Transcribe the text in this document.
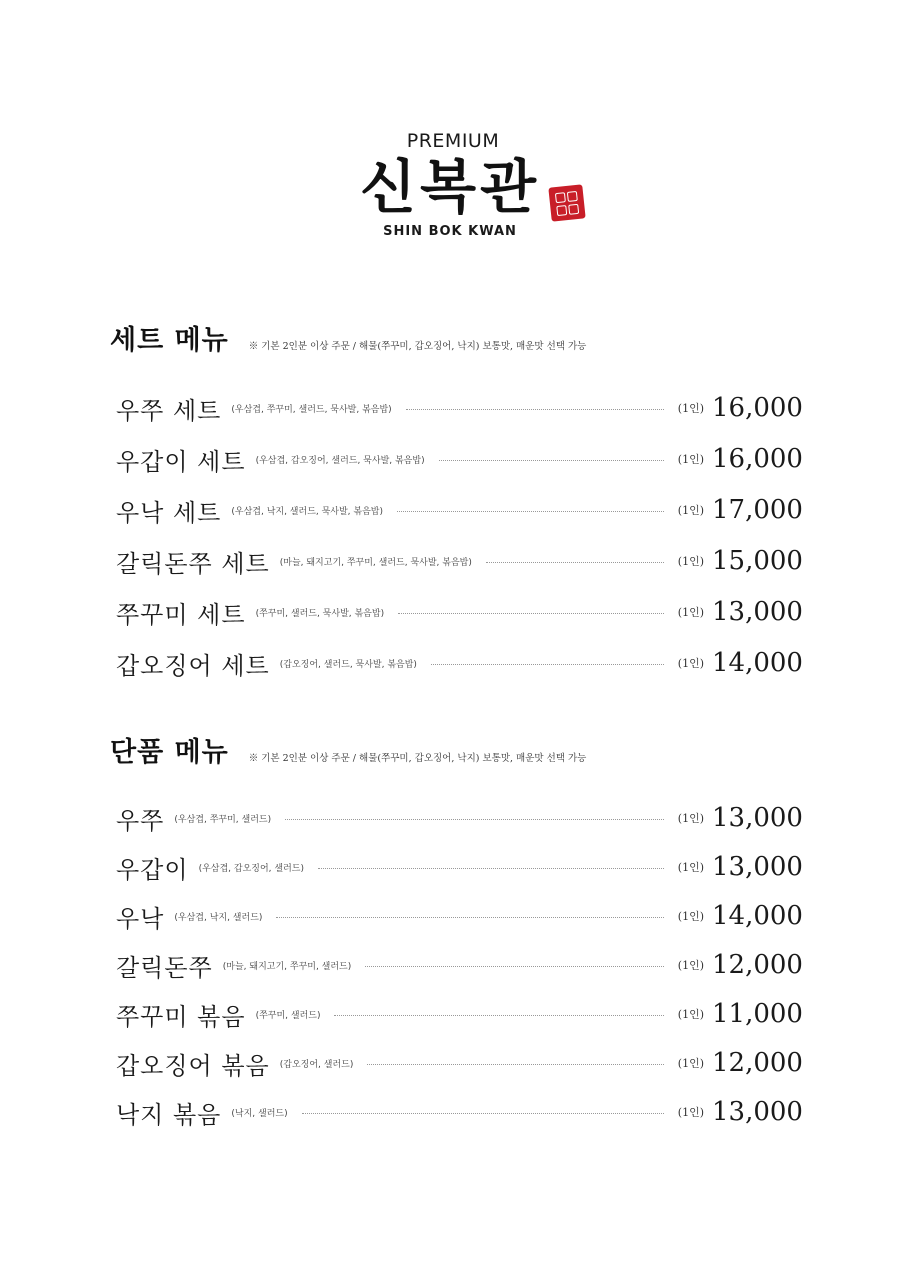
PREMIUM
신복관
SHIN BOK KWAN
세트 메뉴 ※ 기본 2인분 이상 주문 / 해물(쭈꾸미, 갑오징어, 낙지) 보통맛, 매운맛 선택 가능
우쭈 세트 (우삼겹, 쭈꾸미, 샐러드, 묵사발, 볶음밥)	(1인) 16,000
우갑이 세트 (우삼겹, 갑오징어, 샐러드, 묵사발, 볶음밥)	(1인) 16,000
우낙 세트 (우삼겹, 낙지, 샐러드, 묵사발, 볶음밥)	(1인) 17,000
갈릭돈쭈 세트 (마늘, 돼지고기, 쭈꾸미, 샐러드, 묵사발, 볶음밥)	(1인) 15,000
쭈꾸미 세트 (쭈꾸미, 샐러드, 묵사발, 볶음밥)	(1인) 13,000
갑오징어 세트 (갑오징어, 샐러드, 묵사발, 볶음밥)	(1인) 14,000
단품 메뉴 ※ 기본 2인분 이상 주문 / 해물(쭈꾸미, 갑오징어, 낙지) 보통맛, 매운맛 선택 가능
우쭈 (우삼겹, 쭈꾸미, 샐러드)	(1인) 13,000
우갑이 (우삼겹, 갑오징어, 샐러드)	(1인) 13,000
우낙 (우삼겹, 낙지, 샐러드)	(1인) 14,000
갈릭돈쭈 (마늘, 돼지고기, 쭈꾸미, 샐러드)	(1인) 12,000
쭈꾸미 볶음 (쭈꾸미, 샐러드)	(1인) 11,000
갑오징어 볶음 (갑오징어, 샐러드)	(1인) 12,000
낙지 볶음 (낙지, 샐러드)	(1인) 13,000
